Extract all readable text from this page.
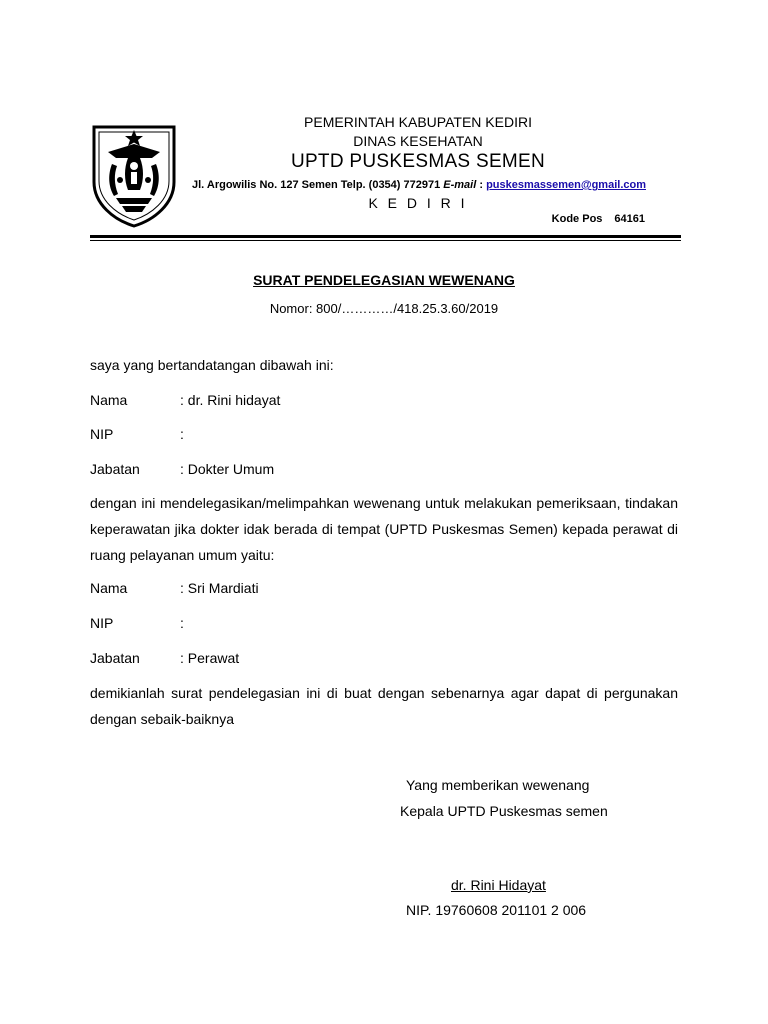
PEMERINTAH KABUPATEN KEDIRI
DINAS KESEHATAN
UPTD PUSKESMAS SEMEN
Jl. Argowilis No. 127 Semen Telp. (0354) 772971 E-mail : puskesmassemen@gmail.com
K E D I R I
Kode Pos 64161
SURAT PENDELEGASIAN WEWENANG
Nomor: 800/…………/418.25.3.60/2019
saya yang bertandatangan dibawah ini:
Nama	: dr. Rini hidayat
NIP	:
Jabatan	: Dokter Umum
dengan ini mendelegasikan/melimpahkan wewenang untuk melakukan pemeriksaan, tindakan
keperawatan jika dokter idak berada di tempat (UPTD Puskesmas Semen) kepada perawat di
ruang pelayanan umum yaitu:
Nama	: Sri Mardiati
NIP	:
Jabatan	: Perawat
demikianlah surat pendelegasian ini di buat dengan sebenarnya agar dapat di pergunakan
dengan sebaik-baiknya
Yang memberikan wewenang
Kepala UPTD Puskesmas semen
dr. Rini Hidayat
NIP. 19760608 201101 2 006
